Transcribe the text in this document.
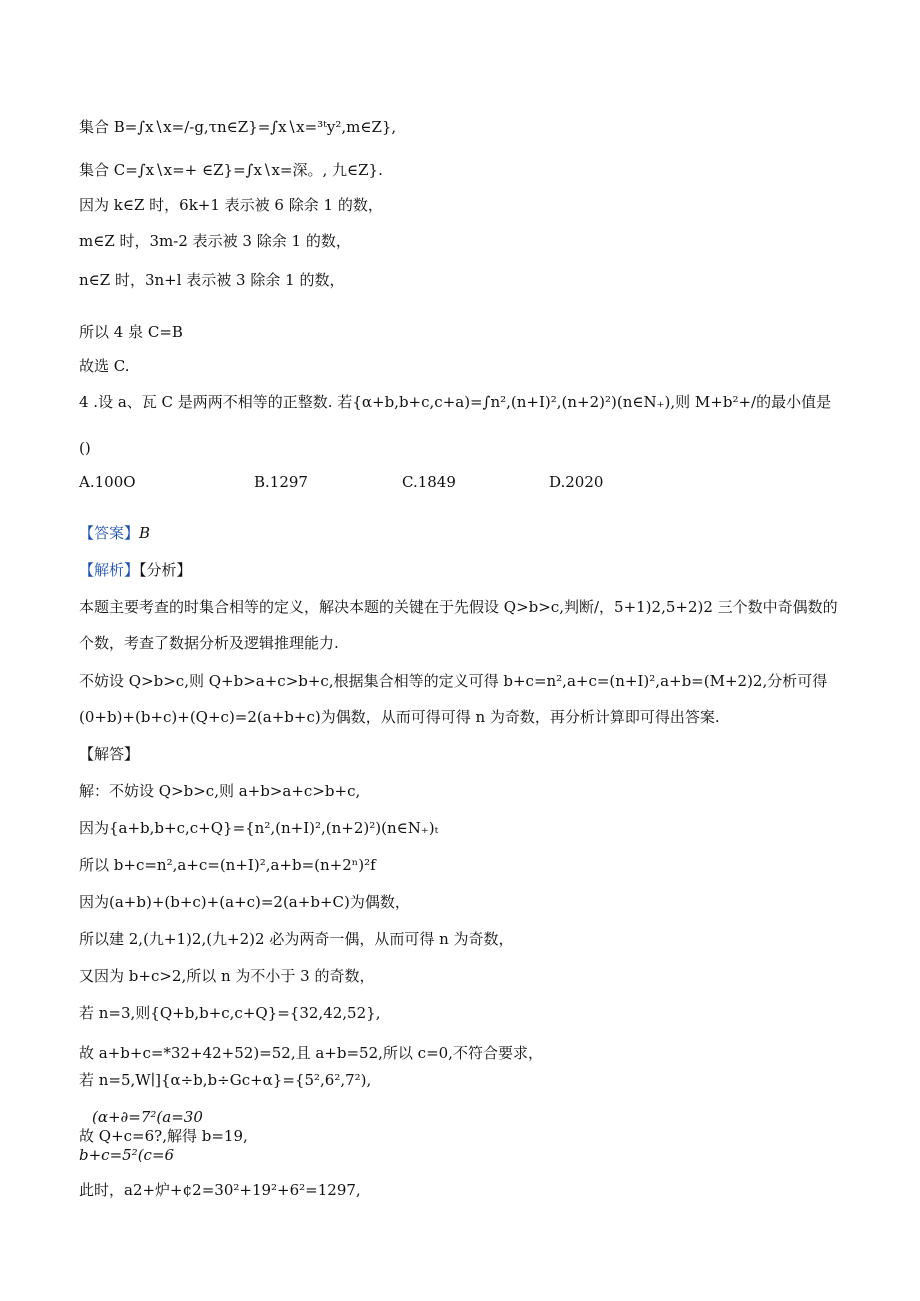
集合 B=∫x∖x=/-g,τn∈Z}=∫x∖x=³ᵗy²,m∈Z},
集合 C=∫x∖x=+ ∈Z}=∫x∖x=深。, 九∈Z}.
因为 k∈Z 时，6k+1 表示被 6 除余 1 的数，
m∈Z 时，3m-2 表示被 3 除余 1 的数，
n∈Z 时，3n+l 表示被 3 除余 1 的数，
所以 4 泉 C=B
故选 C.
4 .设 a、瓦 C 是两两不相等的正整数. 若{α+b,b+c,c+a)=∫n²,(n+I)²,(n+2)²)(n∈N₊),则 M+b²+/的最小值是
()
A.100O	B.1297	C.1849	D.2020
【答案】B
【解析】【分析】
本题主要考查的时集合相等的定义，解决本题的关键在于先假设 Q>b>c,判断/，5+1)2,5+2)2 三个数中奇偶数的
个数，考查了数据分析及逻辑推理能力.
不妨设 Q>b>c,则 Q+b>a+c>b+c,根据集合相等的定义可得 b+c=n²,a+c=(n+I)²,a+b=(M+2)2,分析可得
(0+b)+(b+c)+(Q+c)=2(a+b+c)为偶数，从而可得可得 n 为奇数，再分析计算即可得出答案.
【解答】
解：不妨设 Q>b>c,则 a+b>a+c>b+c,
因为{a+b,b+c,c+Q}={n²,(n+I)²,(n+2)²)(n∈N₊)ₜ
所以 b+c=n²,a+c=(n+I)²,a+b=(n+2ⁿ)²f
因为(a+b)+(b+c)+(a+c)=2(a+b+C)为偶数，
所以建 2,(九+1)2,(九+2)2 必为两奇一偶，从而可得 n 为奇数，
又因为 b+c>2,所以 n 为不小于 3 的奇数，
若 n=3,则{Q+b,b+c,c+Q}={32,42,52},
故 a+b+c=*32+42+52)=52,且 a+b=52,所以 c=0,不符合要求，
若 n=5,W∣]{α÷b,b÷Gc+α}={5²,6²,7²),
(α+∂=7²(a=30
故 Q+c=6?,解得 b=19,
b+c=5²(c=6
此时，a2+炉+¢2=30²+19²+6²=1297,
